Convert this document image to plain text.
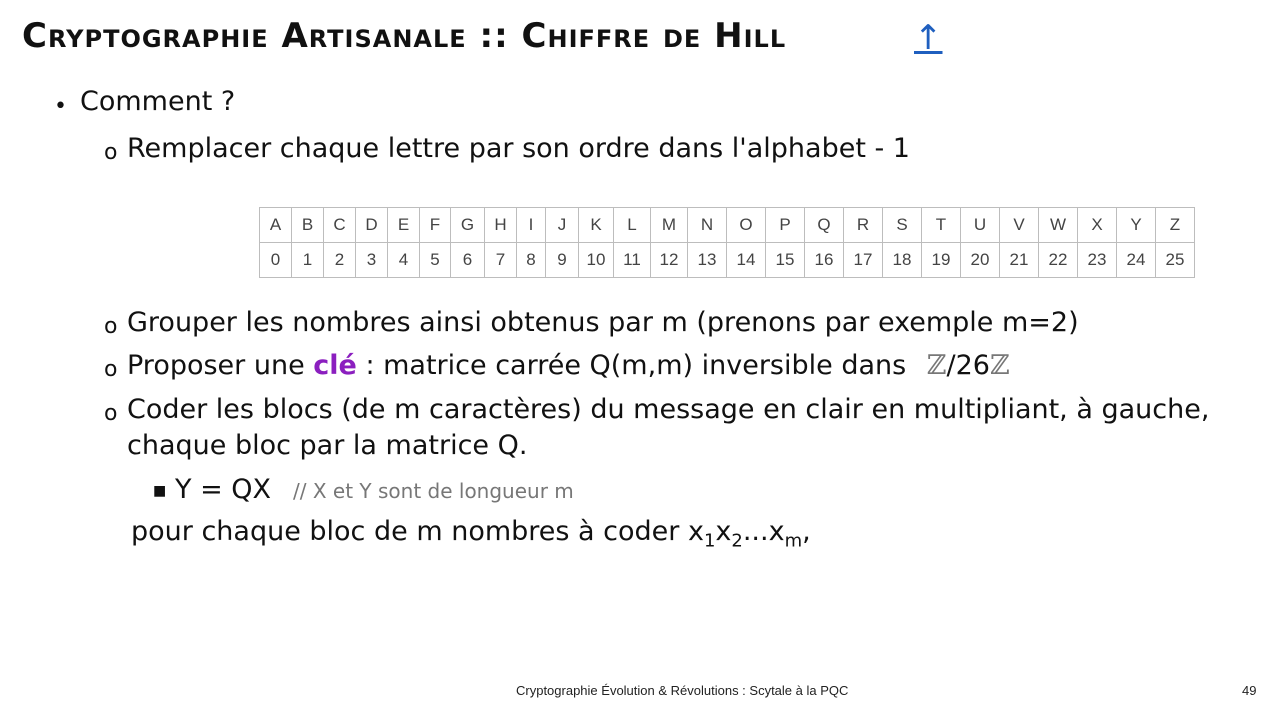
Cryptographie Artisanale :: Chiffre de Hill	↑
• Comment ?
o Remplacer chaque lettre par son ordre dans l'alphabet - 1
A	B	C	D	E	F	G	H	I	J	K	L	M	N	O	P	Q	R	S	T	U	V	W	X	Y	Z
0	1	2	3	4	5	6	7	8	9	10	11	12	13	14	15	16	17	18	19	20	21	22	23	24	25
o Grouper les nombres ainsi obtenus par m (prenons par exemple m=2)
o Proposer une clé : matrice carrée Q(m,m) inversible dans ℤ/26ℤ
o Coder les blocs (de m caractères) du message en clair en multipliant, à gauche,
chaque bloc par la matrice Q.
■ Y = QX // X et Y sont de longueur m
pour chaque bloc de m nombres à coder $x_1x_2...x_m$,
Cryptographie Évolution & Révolutions : Scytale à la PQC	49
